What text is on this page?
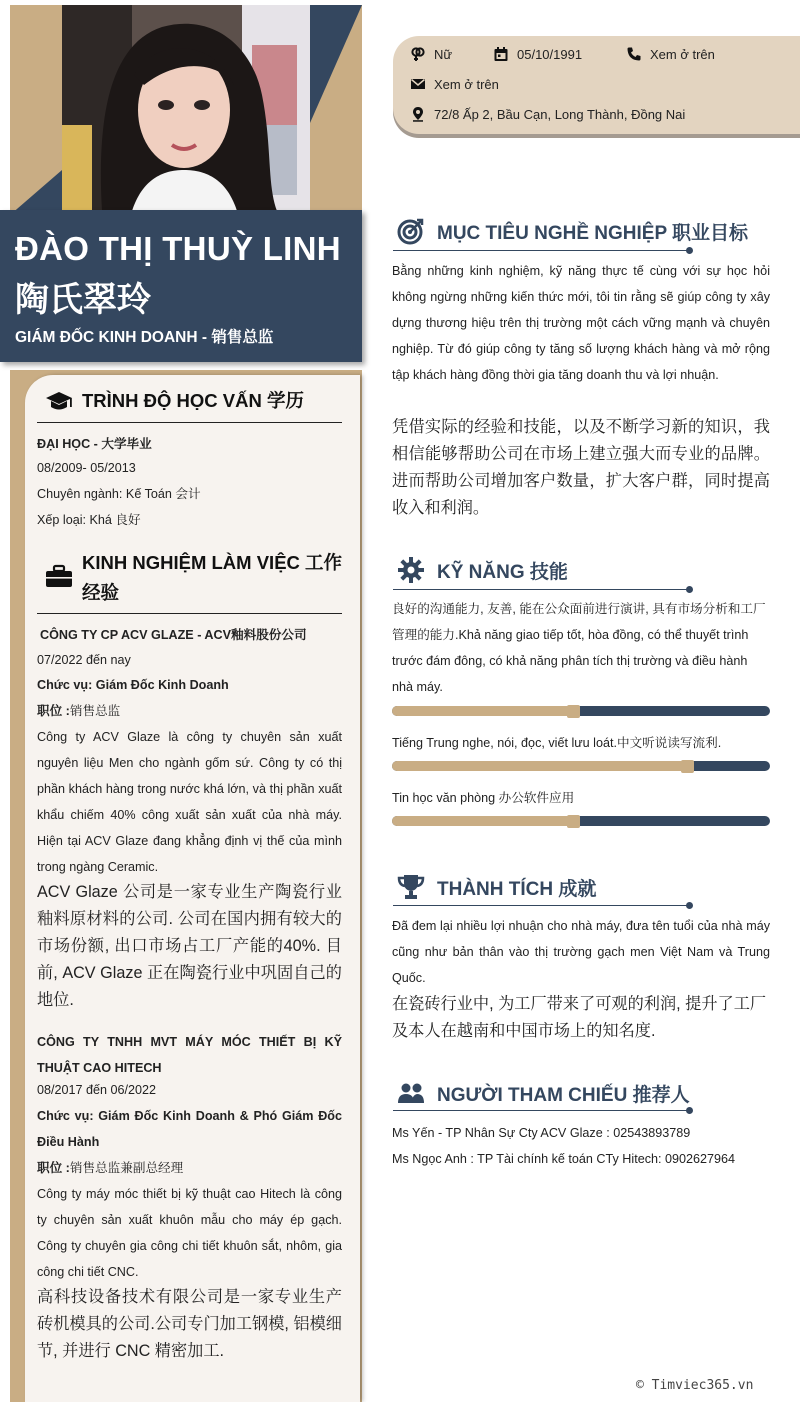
ĐÀO THỊ THUỲ LINH
陶氏翠玲
GIÁM ĐỐC KINH DOANH - 销售总监
TRÌNH ĐỘ HỌC VẤN 学历
ĐẠI HỌC - 大学毕业
08/2009- 05/2013
Chuyên ngành: Kế Toán 会计
Xếp loại: Khá 良好
KINH NGHIỆM LÀM VIỆC 工作经验
CÔNG TY CP ACV GLAZE - ACV釉料股份公司
07/2022 đến nay
Chức vụ: Giám Đốc Kinh Doanh
职位 :销售总监
Công ty ACV Glaze là công ty chuyên sản xuất nguyên liệu Men cho ngành gốm sứ. Công ty có thị phần khách hàng trong nước khá lớn, và thị phần xuất khẩu chiếm 40% công xuất sản xuất của nhà máy. Hiện tại ACV Glaze đang khẳng định vị thế của mình trong ngàng Ceramic.
ACV Glaze 公司是一家专业生产陶瓷行业釉料原材料的公司. 公司在国内拥有较大的市场份额, 出口市场占工厂产能的40%. 目前, ACV Glaze 正在陶瓷行业中巩固自己的地位.
CÔNG TY TNHH MVT MÁY MÓC THIẾT BỊ KỸ THUẬT CAO HITECH
08/2017 đến 06/2022
Chức vụ: Giám Đốc Kinh Doanh & Phó Giám Đốc Điều Hành
职位 :销售总监兼副总经理
Công ty máy móc thiết bị kỹ thuật cao Hitech là công ty chuyên sản xuất khuôn mẫu cho máy ép gạch. Công ty chuyên gia công chi tiết khuôn sắt, nhôm, gia công chi tiết CNC.
高科技设备技术有限公司是一家专业生产砖机模具的公司.公司专门加工钢模, 铝模细节, 并进行 CNC 精密加工.
Nữ	05/10/1991	Xem ở trên
Xem ở trên
72/8 Ấp 2, Bầu Cạn, Long Thành, Đồng Nai
MỤC TIÊU NGHỀ NGHIỆP 职业目标
Bằng những kinh nghiệm, kỹ năng thực tế cùng với sự học hỏi không ngừng những kiến thức mới, tôi tin rằng sẽ giúp công ty xây dựng thương hiệu trên thị trường một cách vững mạnh và chuyên nghiệp. Từ đó giúp công ty tăng số lượng khách hàng và mở rộng tập khách hàng đồng thời gia tăng doanh thu và lợi nhuận.
凭借实际的经验和技能，以及不断学习新的知识，我相信能够帮助公司在市场上建立强大而专业的品牌。进而帮助公司增加客户数量，扩大客户群，同时提高收入和利润。
KỸ NĂNG 技能
良好的沟通能力, 友善, 能在公众面前进行演讲, 具有市场分析和工厂管理的能力.Khả năng giao tiếp tốt, hòa đồng, có thể thuyết trình trước đám đông, có khả năng phân tích thị trường và điều hành nhà máy.
Tiếng Trung nghe, nói, đọc, viết lưu loát.中文听说读写流利.
Tin học văn phòng 办公软件应用
THÀNH TÍCH 成就
Đã đem lại nhiều lợi nhuận cho nhà máy, đưa tên tuổi của nhà máy cũng như bản thân vào thị trường gạch men Việt Nam và Trung Quốc.
在瓷砖行业中, 为工厂带来了可观的利润, 提升了工厂及本人在越南和中国市场上的知名度.
NGƯỜI THAM CHIẾU 推荐人
Ms Yến - TP Nhân Sự Cty ACV Glaze : 02543893789
Ms Ngọc Anh : TP Tài chính kế toán CTy Hitech: 0902627964
© Timviec365.vn
